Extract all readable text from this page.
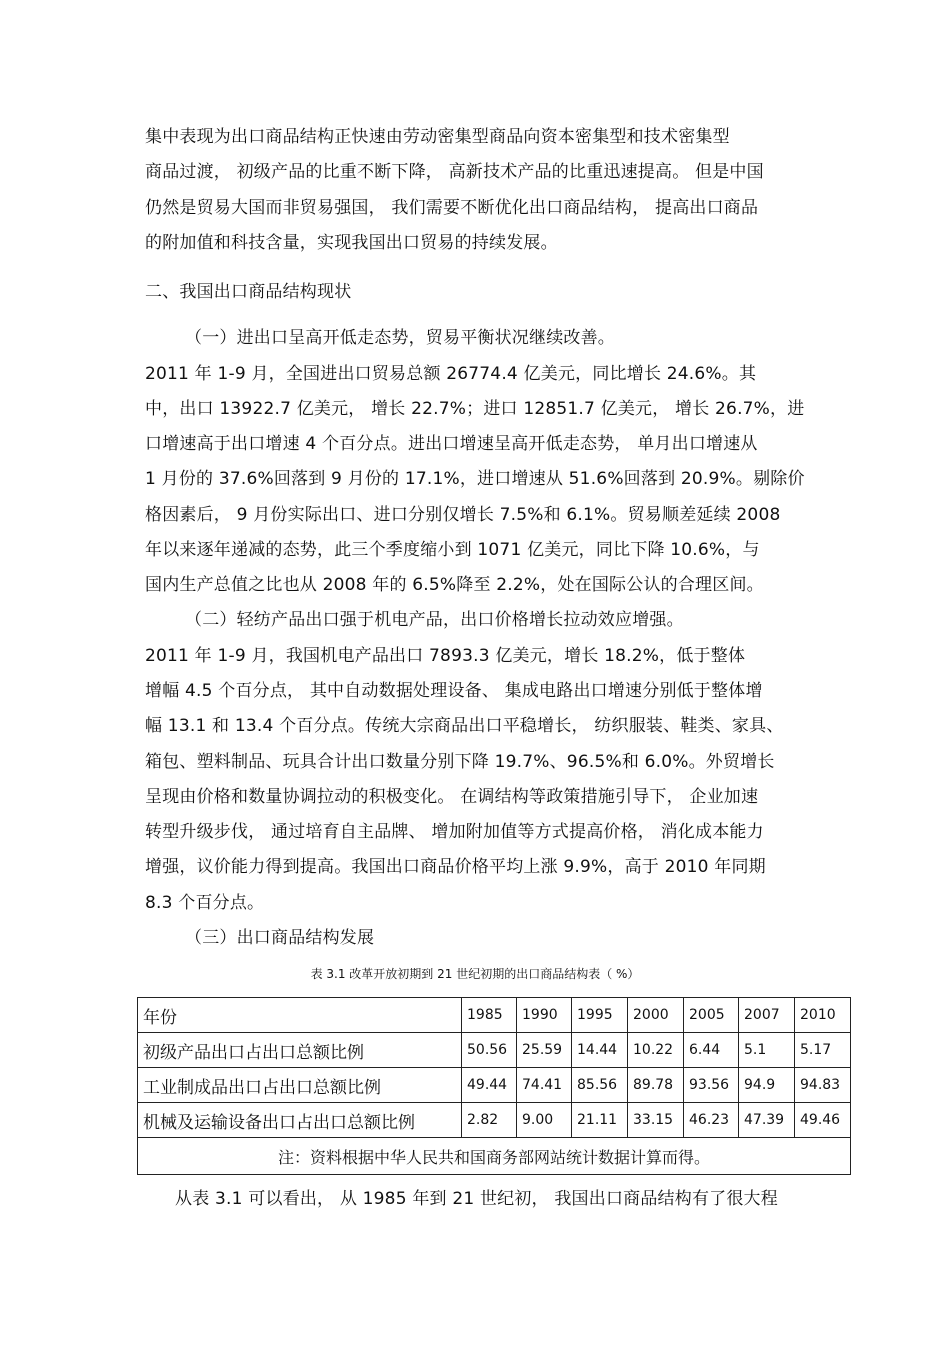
集中表现为出口商品结构正快速由劳动密集型商品向资本密集型和技术密集型
商品过渡， 初级产品的比重不断下降， 高新技术产品的比重迅速提高。 但是中国
仍然是贸易大国而非贸易强国， 我们需要不断优化出口商品结构， 提高出口商品
的附加值和科技含量，实现我国出口贸易的持续发展。
二、我国出口商品结构现状
（一）进出口呈高开低走态势，贸易平衡状况继续改善。
2011 年 1-9 月，全国进出口贸易总额 26774.4 亿美元，同比增长 24.6%。其
中，出口 13922.7 亿美元， 增长 22.7%；进口 12851.7 亿美元， 增长 26.7%，进
口增速高于出口增速 4 个百分点。进出口增速呈高开低走态势， 单月出口增速从
1 月份的 37.6%回落到 9 月份的 17.1%，进口增速从 51.6%回落到 20.9%。剔除价
格因素后， 9 月份实际出口、进口分别仅增长 7.5%和 6.1%。贸易顺差延续 2008
年以来逐年递减的态势，此三个季度缩小到 1071 亿美元，同比下降 10.6%，与
国内生产总值之比也从 2008 年的 6.5%降至 2.2%，处在国际公认的合理区间。
（二）轻纺产品出口强于机电产品，出口价格增长拉动效应增强。
2011 年 1-9 月，我国机电产品出口 7893.3 亿美元，增长 18.2%，低于整体
增幅 4.5 个百分点， 其中自动数据处理设备、 集成电路出口增速分别低于整体增
幅 13.1 和 13.4 个百分点。传统大宗商品出口平稳增长， 纺织服装、鞋类、家具、
箱包、塑料制品、玩具合计出口数量分别下降 19.7%、96.5%和 6.0%。外贸增长
呈现由价格和数量协调拉动的积极变化。 在调结构等政策措施引导下， 企业加速
转型升级步伐， 通过培育自主品牌、 增加附加值等方式提高价格， 消化成本能力
增强，议价能力得到提高。我国出口商品价格平均上涨 9.9%，高于 2010 年同期
8.3 个百分点。
（三）出口商品结构发展
表 3.1 改革开放初期到 21 世纪初期的出口商品结构表（ %）
年份	1985	1990	1995	2000	2005	2007	2010
初级产品出口占出口总额比例	50.56	25.59	14.44	10.22	6.44	5.1	5.17
工业制成品出口占出口总额比例	49.44	74.41	85.56	89.78	93.56	94.9	94.83
机械及运输设备出口占出口总额比例	2.82	9.00	21.11	33.15	46.23	47.39	49.46
注：资料根据中华人民共和国商务部网站统计数据计算而得。							
从表 3.1 可以看出， 从 1985 年到 21 世纪初， 我国出口商品结构有了很大程
